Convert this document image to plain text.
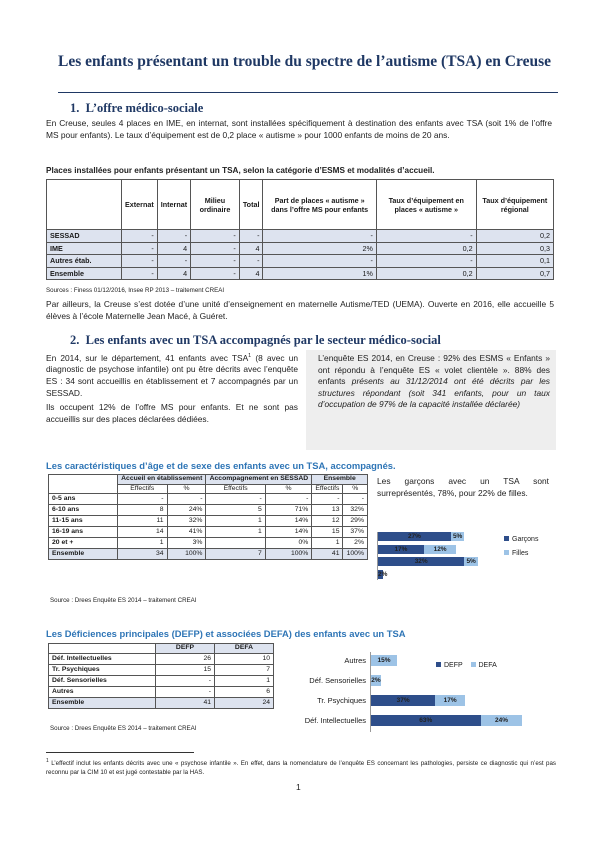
Les enfants présentant un trouble du spectre de l’autisme (TSA) en Creuse
1.  L’offre médico-sociale
En Creuse, seules 4 places en IME, en internat, sont installées spécifiquement à destination des enfants avec TSA (soit 1% de l’offre MS pour enfants). Le taux d’équipement est de 0,2 place « autisme » pour 1000 enfants de moins de 20 ans.
Places installées pour enfants présentant un TSA, selon la catégorie d’ESMS et modalités d’accueil.
	Externat	Internat	Milieu ordinaire	Total	Part de places « autisme » dans l’offre MS pour enfants	Taux d’équipement en places « autisme »	Taux d’équipement régional
SESSAD	-	-	-	-	-	-	0,2
IME	-	4	-	4	2%	0,2	0,3
Autres étab.	-	-	-	-	-	-	0,1
Ensemble	-	4	-	4	1%	0,2	0,7
Sources : Finess 01/12/2016, Insee RP 2013 – traitement CREAI
Par ailleurs, la Creuse s’est dotée d’une unité d’enseignement en maternelle Autisme/TED (UEMA). Ouverte en 2016, elle accueille 5 élèves à l’école Maternelle Jean Macé, à Guéret.
2.  Les enfants avec un TSA accompagnés par le secteur médico-social
En 2014, sur le département, 41 enfants avec TSA$^1$ (8 avec un diagnostic de psychose infantile) ont pu être décrits avec l’enquête ES : 34 sont accueillis en établissement et 7 accompagnés par un SESSAD.
Ils occupent 12% de l’offre MS pour enfants. Et ne sont pas accueillis sur des places déclarées dédiées.
L’enquête ES 2014, en Creuse : 92% des ESMS « Enfants » ont répondu à l’enquête ES « volet clientèle ». 88% des enfants présents au 31/12/2014 ont été décrits par les structures répondant (soit 341 enfants, pour un taux d’occupation de 97% de la capacité installée déclarée)
Les caractéristiques d’âge et de sexe des enfants avec un TSA, accompagnés.
	Accueil en établissement		Accompagnement en SESSAD		Ensemble	
	Effectifs	%	Effectifs	%	Effectifs	%
0-5 ans	-	-	-	-	-	-
6-10 ans	8	24%	5	71%	13	32%
11-15 ans	11	32%	1	14%	12	29%
16-19 ans	14	41%	1	14%	15	37%
20 et +	1	3%		0%	1	2%
Ensemble	34	100%	7	100%	41	100%
Source : Drees Enquête ES 2014 – traitement CREAI
Les garçons avec un TSA sont surreprésentés, 78%, pour 22% de filles.
Garçons
Filles
27%	5%
17%	12%
32%	5%
2%
Les Déficiences principales (DEFP) et associées DEFA) des enfants avec un TSA
	DEFP	DEFA
Déf. Intellectuelles	26	10
Tr. Psychiques	15	7
Déf. Sensorielles	-	1
Autres	-	6
Ensemble	41	24
Source : Drees Enquête ES 2014 – traitement CREAI
DEFP DEFA
Autres	15%
Déf. Sensorielles 2%
Tr. Psychiques	37%	17%
Déf. Intellectuelles	63%	24%
$^1$ L’effectif inclut les enfants décrits avec une « psychose infantile ». En effet, dans la nomenclature de l’enquête ES concernant les pathologies, persiste ce diagnostic qui n’est pas reconnu par la CIM 10 et est jugé contestable par la HAS.
1
